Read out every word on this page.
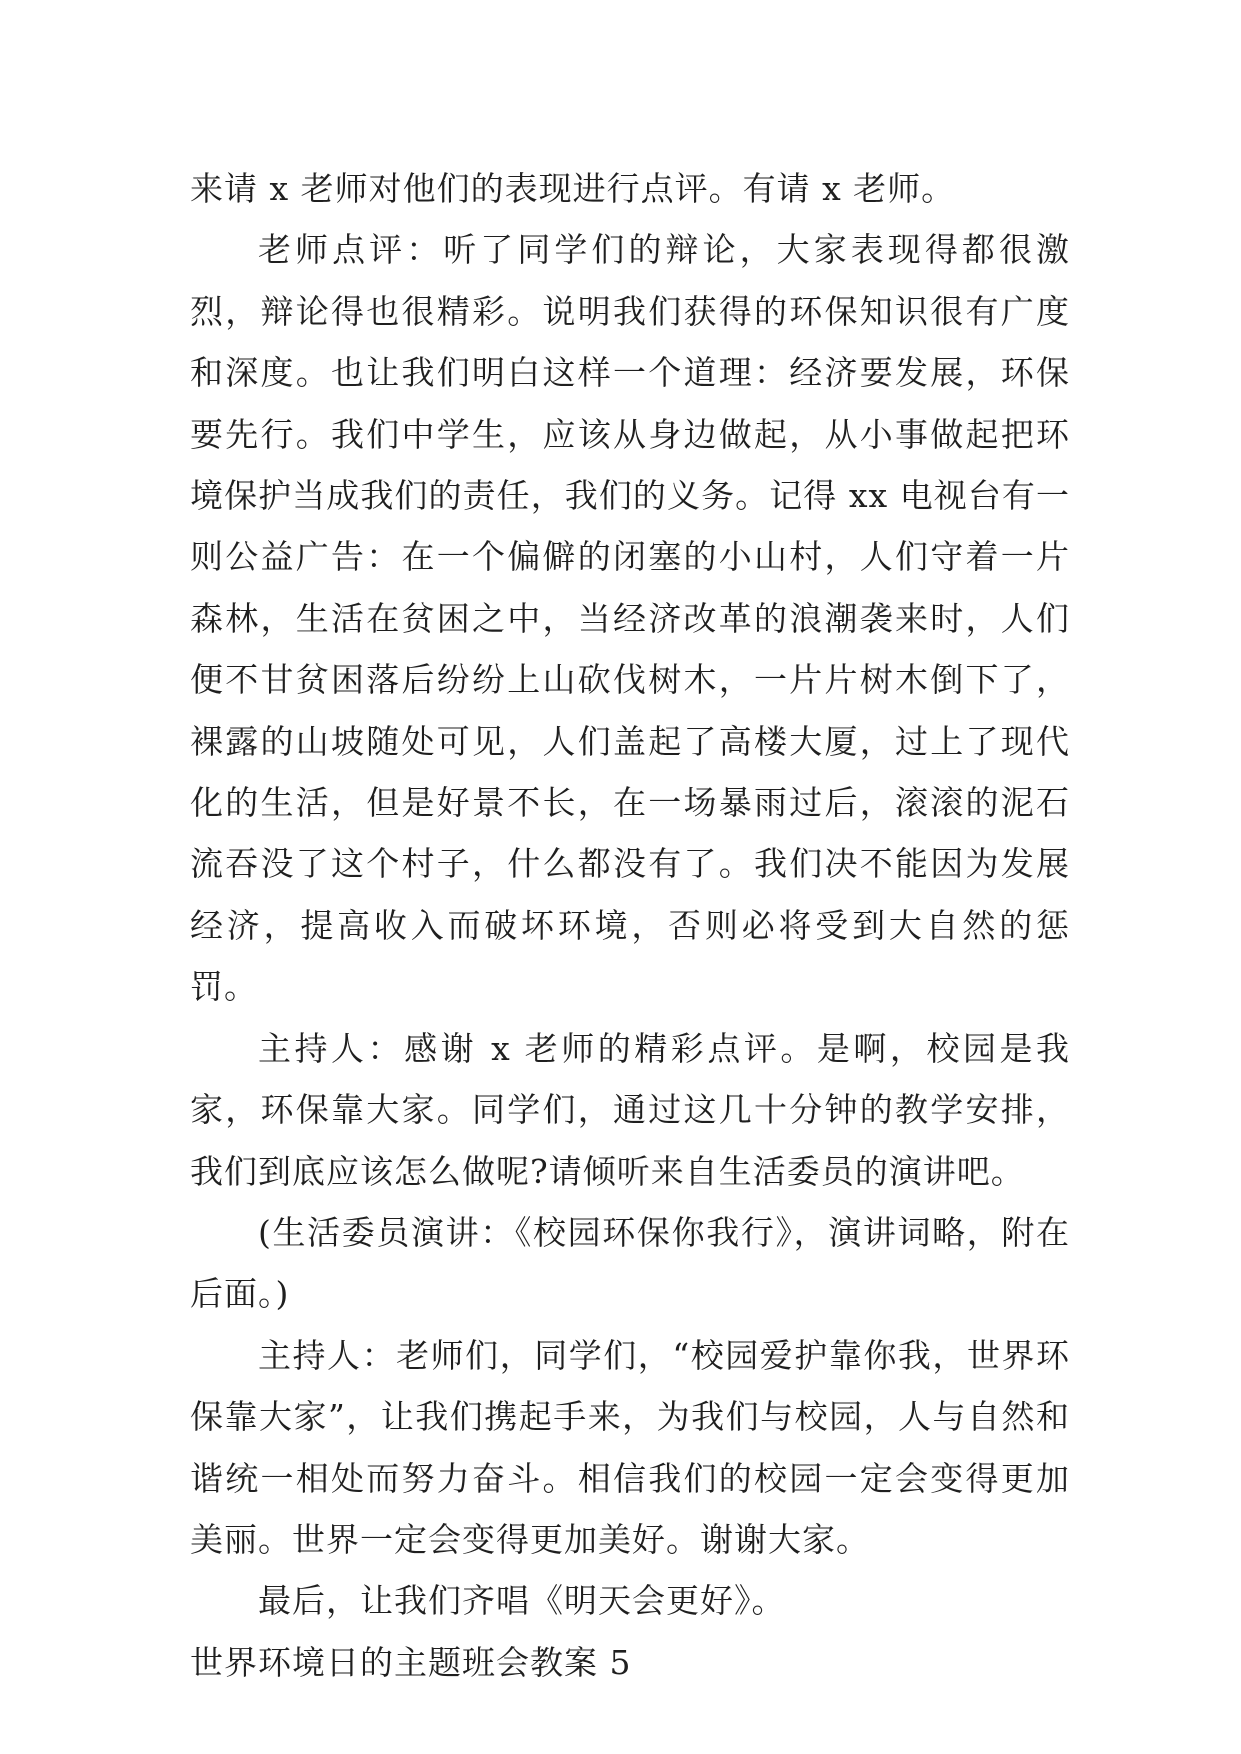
来请 x 老师对他们的表现进行点评。有请 x 老师。

老师点评：听了同学们的辩论，大家表现得都很激烈，辩论得也很精彩。说明我们获得的环保知识很有广度和深度。也让我们明白这样一个道理：经济要发展，环保要先行。我们中学生，应该从身边做起，从小事做起把环境保护当成我们的责任，我们的义务。记得 xx 电视台有一则公益广告：在一个偏僻的闭塞的小山村，人们守着一片森林，生活在贫困之中，当经济改革的浪潮袭来时，人们便不甘贫困落后纷纷上山砍伐树木，一片片树木倒下了，裸露的山坡随处可见，人们盖起了高楼大厦，过上了现代化的生活，但是好景不长，在一场暴雨过后，滚滚的泥石流吞没了这个村子，什么都没有了。我们决不能因为发展经济，提高收入而破坏环境，否则必将受到大自然的惩罚。

主持人：感谢 x 老师的精彩点评。是啊，校园是我家，环保靠大家。同学们，通过这几十分钟的教学安排，我们到底应该怎么做呢?请倾听来自生活委员的演讲吧。

(生活委员演讲：《校园环保你我行》，演讲词略，附在后面。)

主持人：老师们，同学们，“校园爱护靠你我，世界环保靠大家”，让我们携起手来，为我们与校园，人与自然和谐统一相处而努力奋斗。相信我们的校园一定会变得更加美丽。世界一定会变得更加美好。谢谢大家。

最后，让我们齐唱《明天会更好》。

世界环境日的主题班会教案 5
